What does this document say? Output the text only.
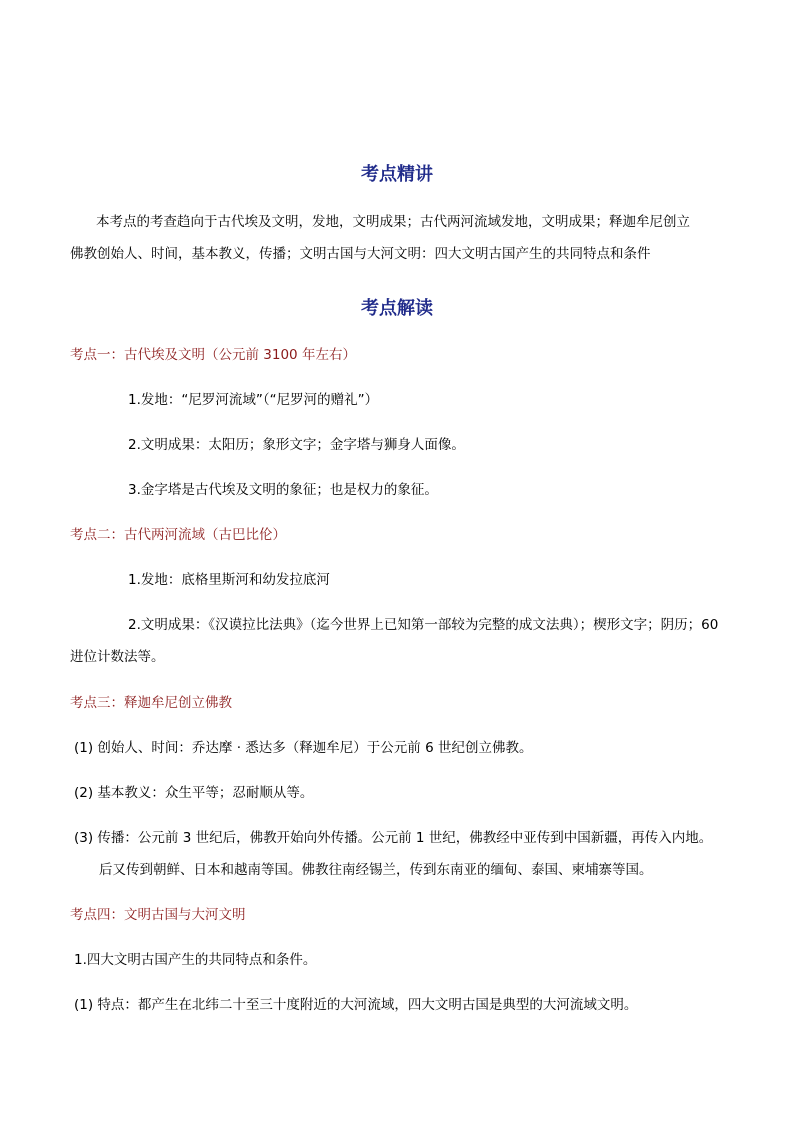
考点精讲
本考点的考查趋向于古代埃及文明，发地，文明成果；古代两河流域发地，文明成果；释迦牟尼创立
佛教创始人、时间，基本教义，传播；文明古国与大河文明：四大文明古国产生的共同特点和条件
考点解读
考点一：古代埃及文明（公元前 3100 年左右）
1.发地：“尼罗河流域”（“尼罗河的赠礼”）
2.文明成果：太阳历；象形文字；金字塔与狮身人面像。
3.金字塔是古代埃及文明的象征；也是权力的象征。
考点二：古代两河流域（古巴比伦）
1.发地：底格里斯河和幼发拉底河
2.文明成果：《汉谟拉比法典》（迄今世界上已知第一部较为完整的成文法典）；楔形文字；阴历；60
进位计数法等。
考点三：释迦牟尼创立佛教
(1) 创始人、时间：乔达摩 · 悉达多（释迦牟尼）于公元前 6 世纪创立佛教。
(2) 基本教义：众生平等；忍耐顺从等。
(3) 传播：公元前 3 世纪后，佛教开始向外传播。公元前 1 世纪，佛教经中亚传到中国新疆，再传入内地。
后又传到朝鲜、日本和越南等国。佛教往南经锡兰，传到东南亚的缅甸、泰国、柬埔寨等国。
考点四：文明古国与大河文明
1.四大文明古国产生的共同特点和条件。
(1) 特点：都产生在北纬二十至三十度附近的大河流域，四大文明古国是典型的大河流域文明。
